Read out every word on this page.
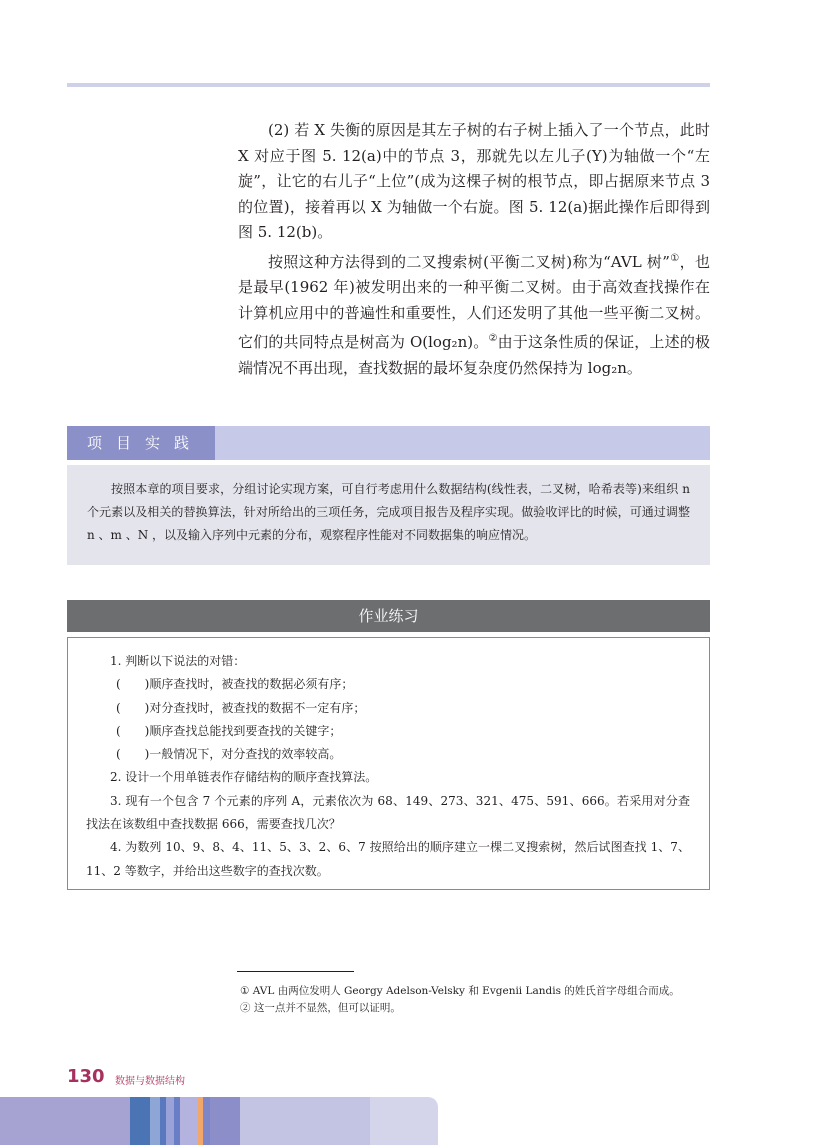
(2) 若 X 失衡的原因是其左子树的右子树上插入了一个节点，此时 X 对应于图 5. 12(a)中的节点 3，那就先以左儿子(Y)为轴做一个“左旋”，让它的右儿子“上位”(成为这棵子树的根节点，即占据原来节点 3 的位置)，接着再以 X 为轴做一个右旋。图 5. 12(a)据此操作后即得到图 5. 12(b)。

按照这种方法得到的二叉搜索树(平衡二叉树)称为“AVL 树”①，也是最早(1962 年)被发明出来的一种平衡二叉树。由于高效查找操作在计算机应用中的普遍性和重要性，人们还发明了其他一些平衡二叉树。它们的共同特点是树高为 O(log₂n)。②由于这条性质的保证，上述的极端情况不再出现，查找数据的最坏复杂度仍然保持为 log₂n。

项目实践
按照本章的项目要求，分组讨论实现方案，可自行考虑用什么数据结构(线性表，二叉树，哈希表等)来组织 n 个元素以及相关的替换算法，针对所给出的三项任务，完成项目报告及程序实现。做验收评比的时候，可通过调整 n 、m 、N ，以及输入序列中元素的分布，观察程序性能对不同数据集的响应情况。
作业练习
1. 判断以下说法的对错：
(　　)顺序查找时，被查找的数据必须有序；
(　　)对分查找时，被查找的数据不一定有序；
(　　)顺序查找总能找到要查找的关键字；
(　　)一般情况下，对分查找的效率较高。
2. 设计一个用单链表作存储结构的顺序查找算法。
3. 现有一个包含 7 个元素的序列 A，元素依次为 68、149、273、321、475、591、666。若采用对分查找法在该数组中查找数据 666，需要查找几次？
4. 为数列 10、9、8、4、11、5、3、2、6、7 按照给出的顺序建立一棵二叉搜索树，然后试图查找 1、7、11、2 等数字，并给出这些数字的查找次数。
① AVL 由两位发明人 Georgy Adelson-Velsky 和 Evgenii Landis 的姓氏首字母组合而成。
② 这一点并不显然，但可以证明。
130 数据与数据结构
